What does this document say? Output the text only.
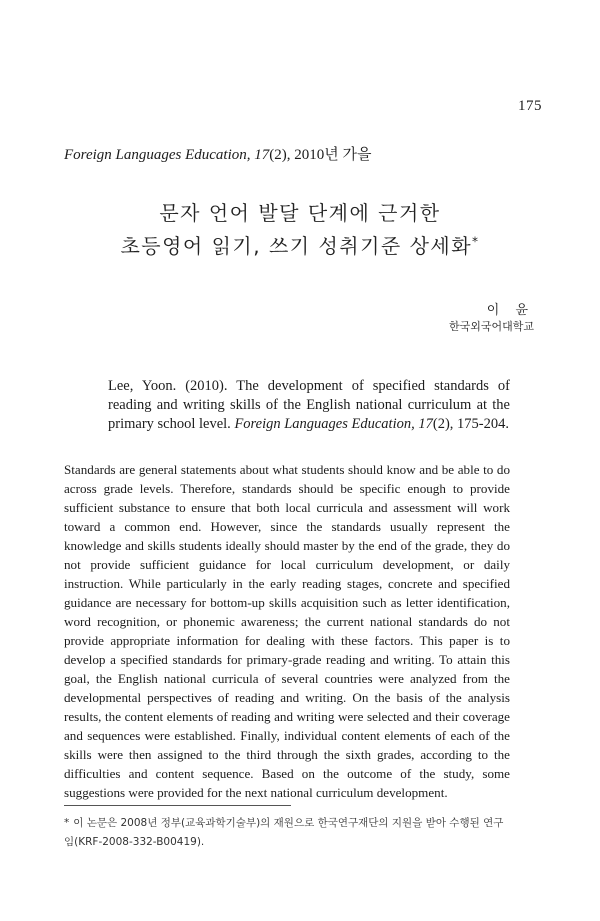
175
Foreign Languages Education, 17(2), 2010년 가을
문자 언어 발달 단계에 근거한
초등영어 읽기, 쓰기 성취기준 상세화*
이 윤
한국외국어대학교
Lee, Yoon. (2010). The development of specified standards of reading and writing skills of the English national curriculum at the primary school level. Foreign Languages Education, 17(2), 175-204.
Standards are general statements about what students should know and be able to do across grade levels. Therefore, standards should be specific enough to provide sufficient substance to ensure that both local curricula and assessment will work toward a common end. However, since the standards usually represent the knowledge and skills students ideally should master by the end of the grade, they do not provide sufficient guidance for local curriculum development, or daily instruction. While particularly in the early reading stages, concrete and specified guidance are necessary for bottom-up skills acquisition such as letter identification, word recognition, or phonemic awareness; the current national standards do not provide appropriate information for dealing with these factors. This paper is to develop a specified standards for primary-grade reading and writing. To attain this goal, the English national curricula of several countries were analyzed from the developmental perspectives of reading and writing. On the basis of the analysis results, the content elements of reading and writing were selected and their coverage and sequences were established. Finally, individual content elements of each of the skills were then assigned to the third through the sixth grades, according to the difficulties and content sequence. Based on the outcome of the study, some suggestions were provided for the next national curriculum development.
* 이 논문은 2008년 정부(교육과학기술부)의 재원으로 한국연구재단의 지원을 받아 수행된 연구임(KRF-2008-332-B00419).
